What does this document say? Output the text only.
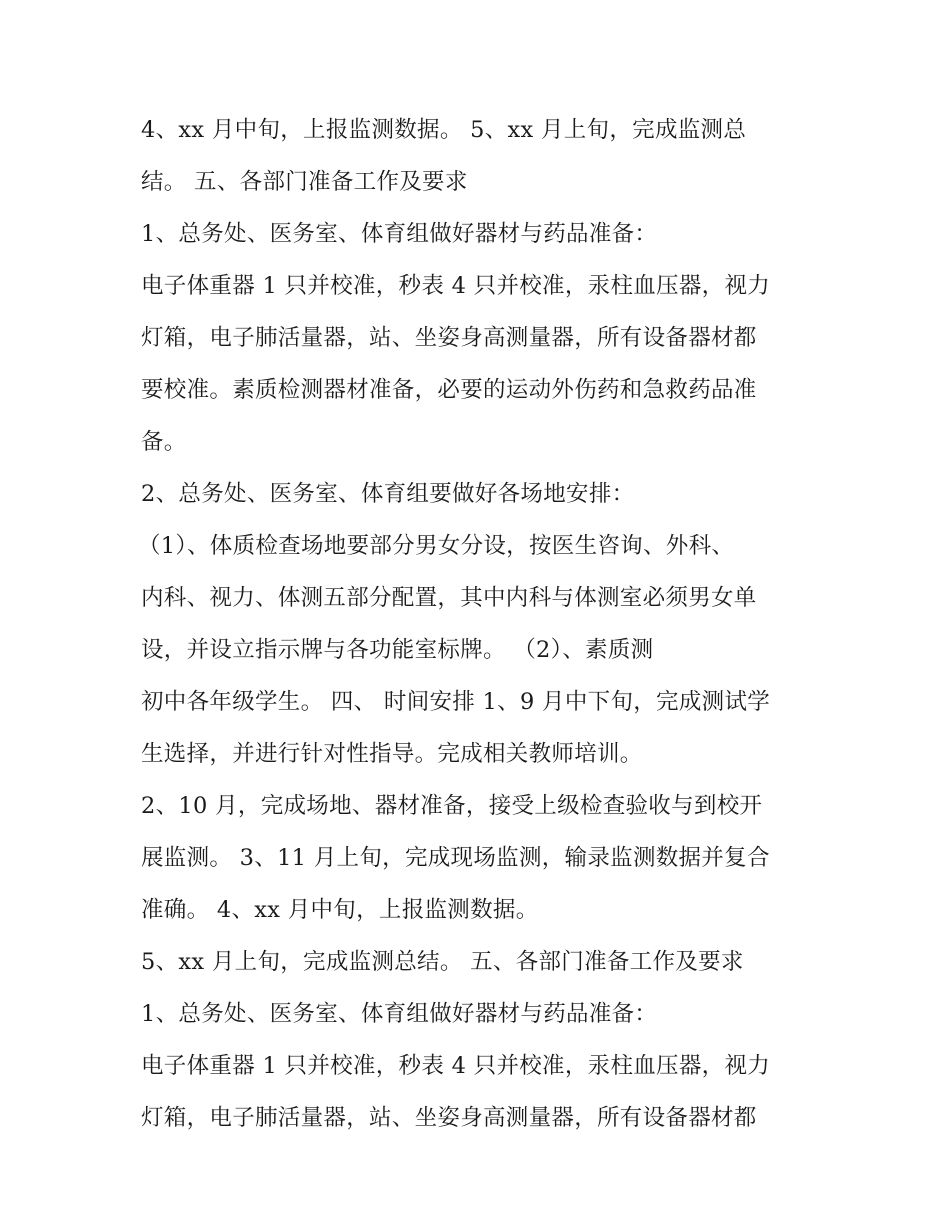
4、xx 月中旬，上报监测数据。 5、xx 月上旬，完成监测总
结。 五、各部门准备工作及要求
1、总务处、医务室、体育组做好器材与药品准备：
电子体重器 1 只并校准，秒表 4 只并校准，汞柱血压器，视力
灯箱，电子肺活量器，站、坐姿身高测量器，所有设备器材都
要校准。素质检测器材准备，必要的运动外伤药和急救药品准
备。
2、总务处、医务室、体育组要做好各场地安排：
（1）、体质检查场地要部分男女分设，按医生咨询、外科、
内科、视力、体测五部分配置，其中内科与体测室必须男女单
设，并设立指示牌与各功能室标牌。 （2）、素质测
初中各年级学生。 四、 时间安排 1、9 月中下旬，完成测试学
生选择，并进行针对性指导。完成相关教师培训。
2、10 月，完成场地、器材准备，接受上级检查验收与到校开
展监测。 3、11 月上旬，完成现场监测，输录监测数据并复合
准确。 4、xx 月中旬，上报监测数据。
5、xx 月上旬，完成监测总结。 五、各部门准备工作及要求
1、总务处、医务室、体育组做好器材与药品准备：
电子体重器 1 只并校准，秒表 4 只并校准，汞柱血压器，视力
灯箱，电子肺活量器，站、坐姿身高测量器，所有设备器材都
